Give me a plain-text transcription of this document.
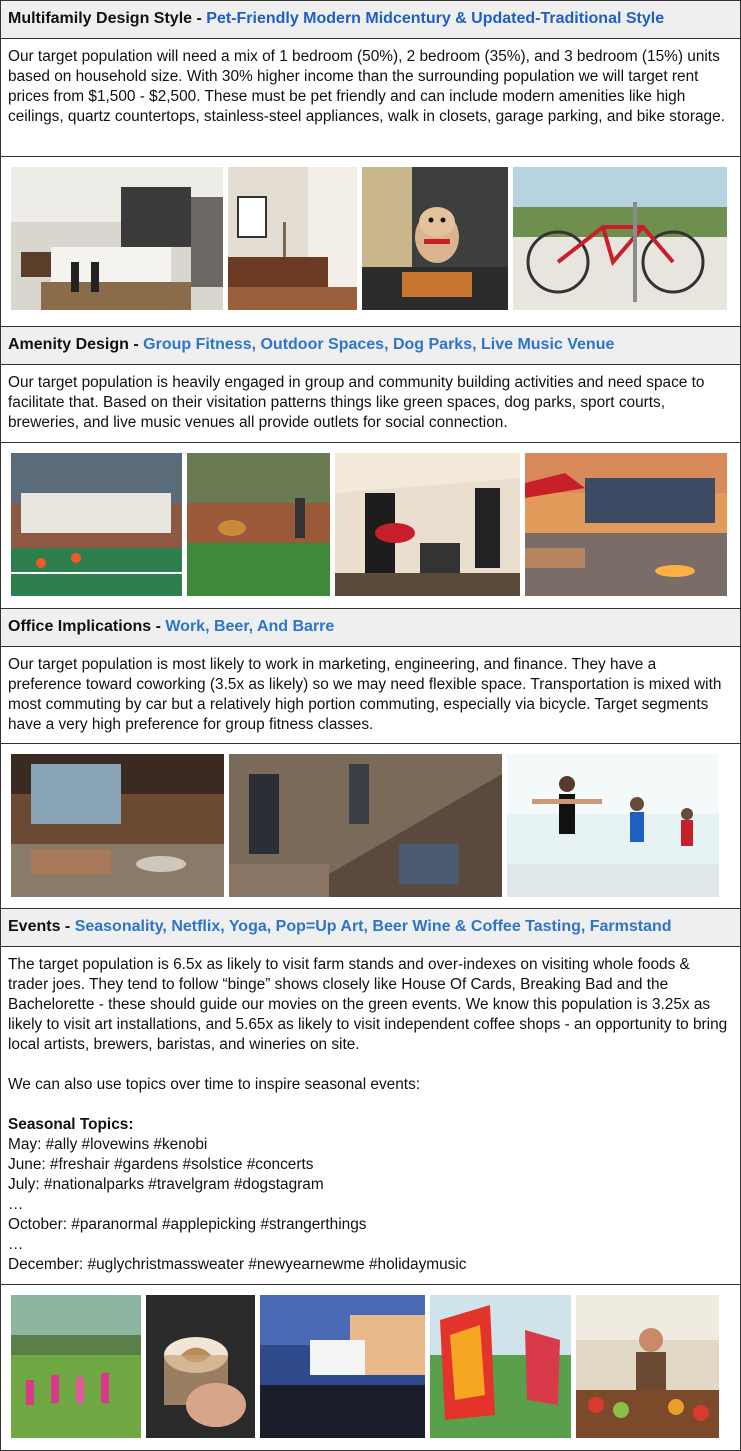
Multifamily Design Style - Pet-Friendly Modern Midcentury & Updated-Traditional Style

Our target population will need a mix of 1 bedroom (50%), 2 bedroom (35%), and 3 bedroom (15%) units based on household size. With 30% higher income than the surrounding population we will target rent prices from $1,500 - $2,500. These must be pet friendly and can include modern amenities like high ceilings, quartz countertops, stainless-steel appliances, walk in closets, garage parking, and bike storage.

Amenity Design - Group Fitness, Outdoor Spaces, Dog Parks, Live Music Venue

Our target population is heavily engaged in group and community building activities and need space to facilitate that. Based on their visitation patterns things like green spaces, dog parks, sport courts, breweries, and live music venues all provide outlets for social connection.

Office Implications - Work, Beer, And Barre

Our target population is most likely to work in marketing, engineering, and finance. They have a preference toward coworking (3.5x as likely) so we may need flexible space. Transportation is mixed with most commuting by car but a relatively high portion commuting, especially via bicycle. Target segments have a very high preference for group fitness classes.

Events - Seasonality, Netflix, Yoga, Pop=Up Art, Beer Wine & Coffee Tasting, Farmstand

The target population is 6.5x as likely to visit farm stands and over-indexes on visiting whole foods & trader joes. They tend to follow “binge” shows closely like House Of Cards, Breaking Bad and the Bachelorette - these should guide our movies on the green events. We know this population is 3.25x as likely to visit art installations, and 5.65x as likely to visit independent coffee shops - an opportunity to bring local artists, brewers, baristas, and wineries on site.

We can also use topics over time to inspire seasonal events:

Seasonal Topics:

May: #ally #lovewins #kenobi

June: #freshair #gardens #solstice #concerts

July: #nationalparks #travelgram #dogstagram

…

October: #paranormal #applepicking #strangerthings

…

December: #uglychristmassweater #newyearnewme #holidaymusic
